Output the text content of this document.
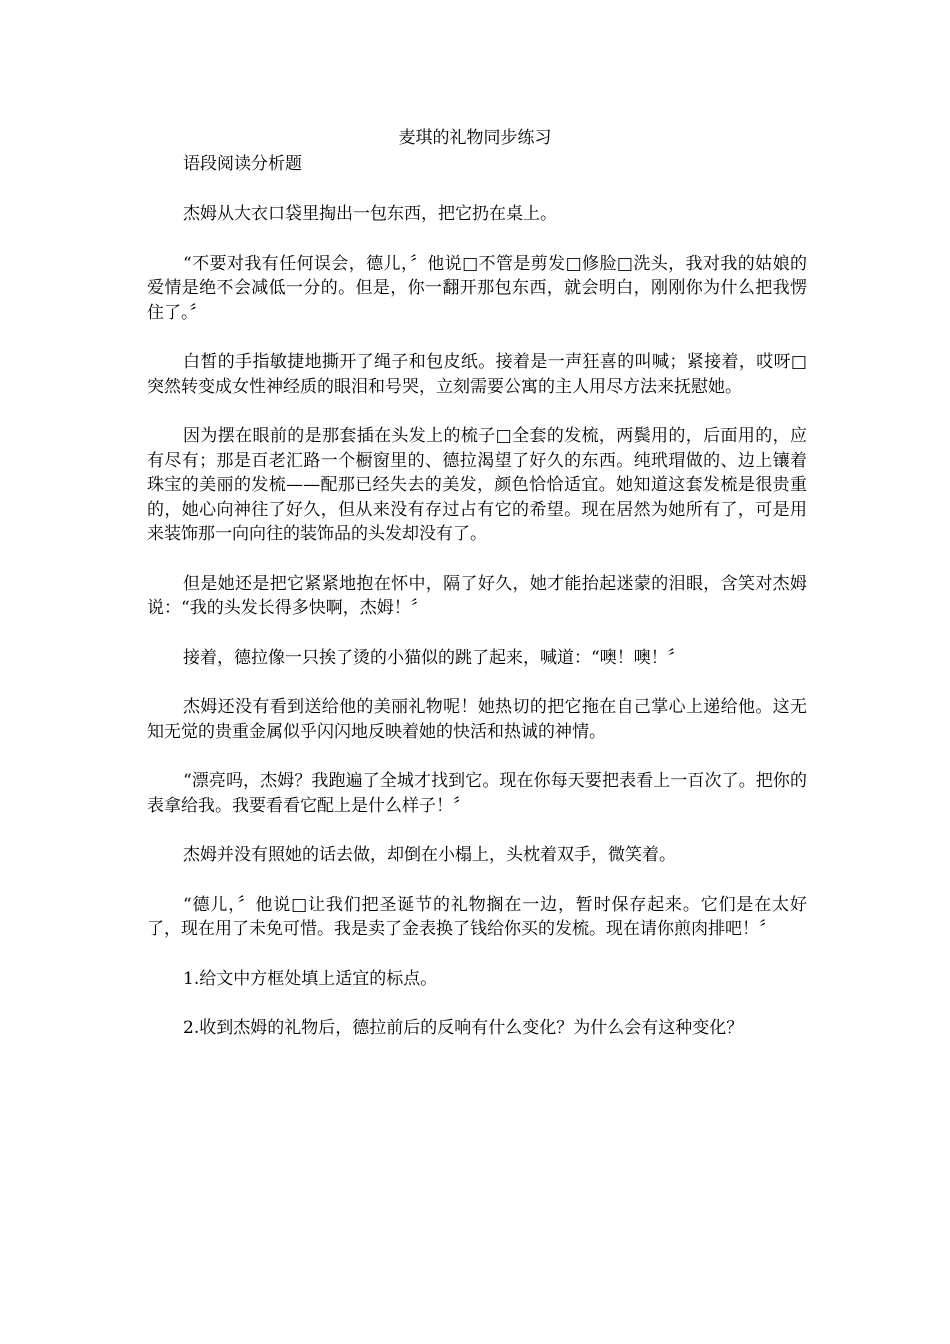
麦琪的礼物同步练习
语段阅读分析题

杰姆从大衣口袋里掏出一包东西，把它扔在桌上。

“不要对我有任何误会，德儿，〞他说□不管是剪发□修脸□洗头，我对我的姑娘的爱情是绝不会减低一分的。但是，你一翻开那包东西，就会明白，刚刚你为什么把我愣住了。〞

白皙的手指敏捷地撕开了绳子和包皮纸。接着是一声狂喜的叫喊；紧接着，哎呀□突然转变成女性神经质的眼泪和号哭，立刻需要公寓的主人用尽方法来抚慰她。

因为摆在眼前的是那套插在头发上的梳子□全套的发梳，两鬓用的，后面用的，应有尽有；那是百老汇路一个橱窗里的、德拉渴望了好久的东西。纯玳瑁做的、边上镶着珠宝的美丽的发梳——配那已经失去的美发，颜色恰恰适宜。她知道这套发梳是很贵重的，她心向神往了好久，但从来没有存过占有它的希望。现在居然为她所有了，可是用来装饰那一向向往的装饰品的头发却没有了。

但是她还是把它紧紧地抱在怀中，隔了好久，她才能抬起迷蒙的泪眼，含笑对杰姆说：“我的头发长得多快啊，杰姆！〞

接着，德拉像一只挨了烫的小猫似的跳了起来，喊道：“噢！噢！〞

杰姆还没有看到送给他的美丽礼物呢！她热切的把它拖在自己掌心上递给他。这无知无觉的贵重金属似乎闪闪地反映着她的快活和热诚的神情。

“漂亮吗，杰姆？我跑遍了全城才找到它。现在你每天要把表看上一百次了。把你的表拿给我。我要看看它配上是什么样子！〞

杰姆并没有照她的话去做，却倒在小榻上，头枕着双手，微笑着。

“德儿，〞他说□让我们把圣诞节的礼物搁在一边，暂时保存起来。它们是在太好了，现在用了未免可惜。我是卖了金表换了钱给你买的发梳。现在请你煎肉排吧！〞

1.给文中方框处填上适宜的标点。

2.收到杰姆的礼物后，德拉前后的反响有什么变化？为什么会有这种变化？
